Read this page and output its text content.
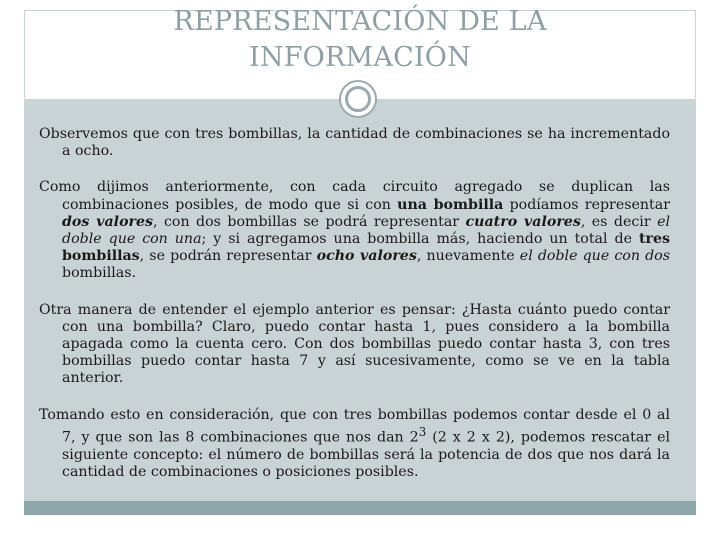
REPRESENTACIÓN DE LA
INFORMACIÓN

Observemos que con tres bombillas, la cantidad de combinaciones se ha incrementado a ocho.

Como dijimos anteriormente, con cada circuito agregado se duplican las combinaciones posibles, de modo que si con una bombilla podíamos representar dos valores, con dos bombillas se podrá representar cuatro valores, es decir el doble que con una; y si agregamos una bombilla más, haciendo un total de tres bombillas, se podrán representar ocho valores, nuevamente el doble que con dos bombillas.

Otra manera de entender el ejemplo anterior es pensar: ¿Hasta cuánto puedo contar con una bombilla? Claro, puedo contar hasta 1, pues considero a la bombilla apagada como la cuenta cero. Con dos bombillas puedo contar hasta 3, con tres bombillas puedo contar hasta 7 y así sucesivamente, como se ve en la tabla anterior.

Tomando esto en consideración, que con tres bombillas podemos contar desde el 0 al 7, y que son las 8 combinaciones que nos dan $2^3$ (2 x 2 x 2), podemos rescatar el siguiente concepto: el número de bombillas será la potencia de dos que nos dará la cantidad de combinaciones o posiciones posibles.
